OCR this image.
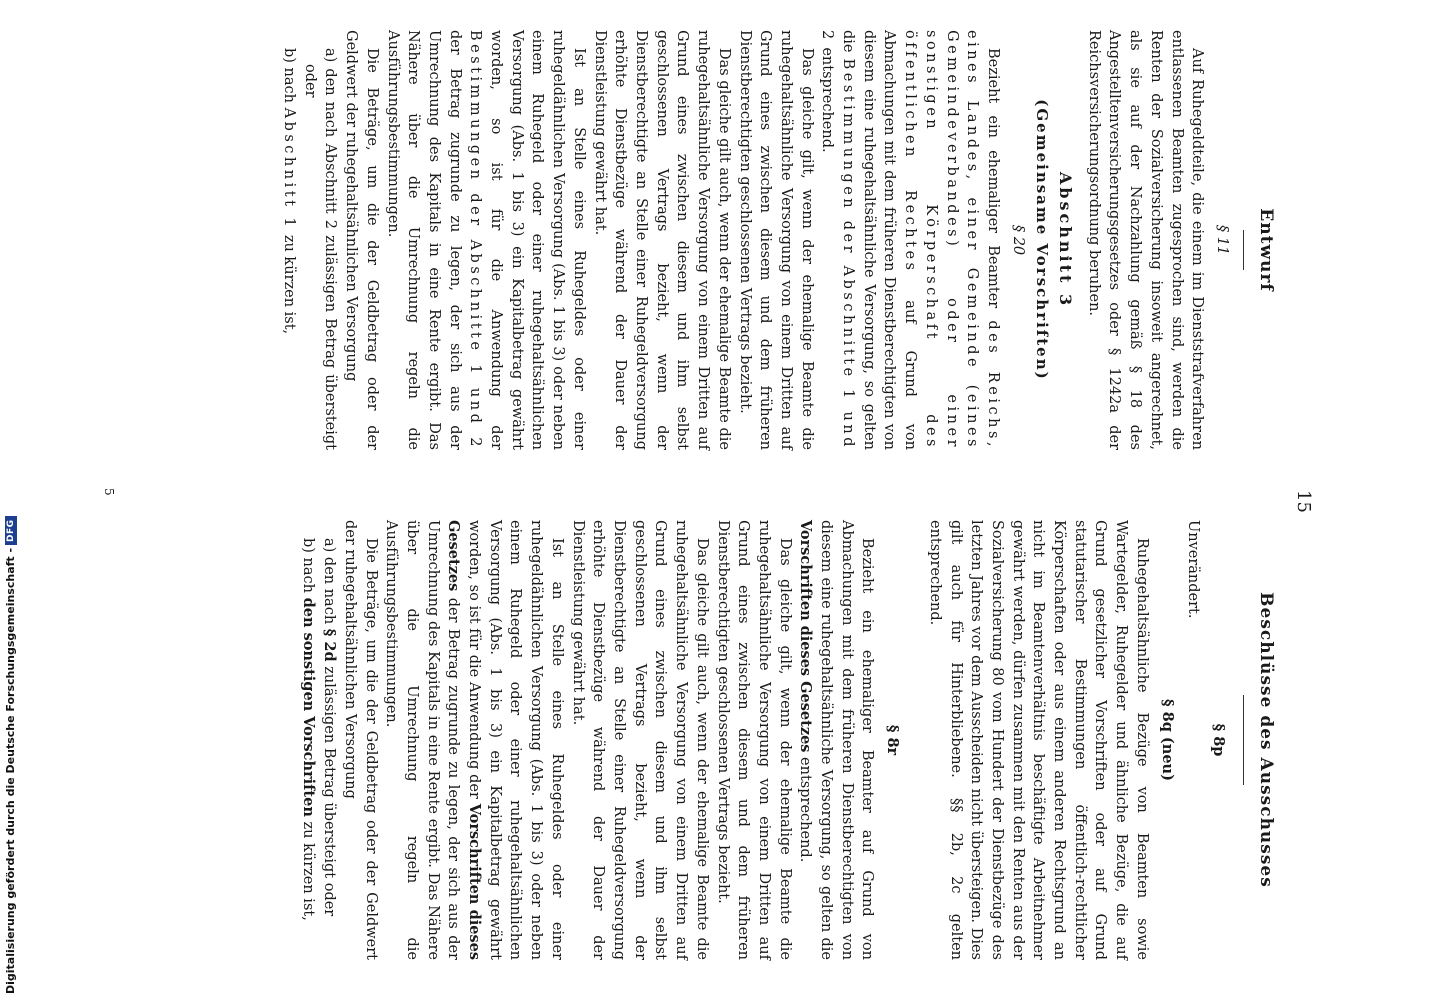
Entwurf
15
Beschlüsse des Ausschusses
§ 11

Auf Ruhegeldteile, die einem im Dienststrafverfahren entlassenen Beamten zugesprochen sind, werden die Renten der Sozialversicherung insoweit angerechnet, als sie auf der Nachzahlung gemäß § 18 des Angestelltenversicherungsgesetzes oder § 1242a der Reichsversicherungsordnung beruhen.

Abschnitt 3
(Gemeinsame Vorschriften)
§ 20

Bezieht ein ehemaliger Beamter des Reichs, eines Landes, einer Gemeinde (eines Gemeindeverbandes) oder einer sonstigen Körperschaft des öffentlichen Rechtes auf Grund von Abmachungen mit dem früheren Dienstberechtigten von diesem eine ruhegehaltsähnliche Versorgung, so gelten die Bestimmungen der Abschnitte 1 und 2 entsprechend.

Das gleiche gilt, wenn der ehemalige Beamte die ruhegehaltsähnliche Versorgung von einem Dritten auf Grund eines zwischen diesem und dem früheren Dienstberechtigten geschlossenen Vertrags bezieht.

Das gleiche gilt auch, wenn der ehemalige Beamte die ruhegehaltsähnliche Versorgung von einem Dritten auf Grund eines zwischen diesem und ihm selbst geschlossenen Vertrags bezieht, wenn der Dienstberechtigte an Stelle einer Ruhegeldversorgung erhöhte Dienstbezüge während der Dauer der Dienstleistung gewährt hat.

Ist an Stelle eines Ruhegeldes oder einer ruhegeldähnlichen Versorgung (Abs. 1 bis 3) oder neben einem Ruhegeld oder einer ruhegehaltsähnlichen Versorgung (Abs. 1 bis 3) ein Kapitalbetrag gewährt worden, so ist für die Anwendung der Bestimmungen der Abschnitte 1 und 2 der Betrag zugrunde zu legen, der sich aus der Umrechnung des Kapitals in eine Rente ergibt. Das Nähere über die Umrechnung regeln die Ausführungsbestimmungen.

Die Beträge, um die der Geldbetrag oder der Geldwert der ruhegehaltsähnlichen Versorgung

a) den nach Abschnitt 2 zulässigen Betrag übersteigt oder
b) nach Abschnitt 1 zu kürzen ist,
§ 8p

Unverändert.

§ 8q (neu)

Ruhegehaltsähnliche Bezüge von Beamten sowie Wartegelder, Ruhegelder und ähnliche Bezüge, die auf Grund gesetzlicher Vorschriften oder auf Grund statutarischer Bestimmungen öffentlich-rechtlicher Körperschaften oder aus einem anderen Rechtsgrund an nicht im Beamtenverhältnis beschäftigte Arbeitnehmer gewährt werden, dürfen zusammen mit den Renten aus der Sozialversicherung 80 vom Hundert der Dienstbezüge des letzten Jahres vor dem Ausscheiden nicht übersteigen. Dies gilt auch für Hinterbliebene. §§ 2b, 2c gelten entsprechend.

§ 8r

Bezieht ein ehemaliger Beamter auf Grund von Abmachungen mit dem früheren Dienstberechtigten von diesem eine ruhegehaltsähnliche Versorgung, so gelten die Vorschriften dieses Gesetzes entsprechend.

Das gleiche gilt, wenn der ehemalige Beamte die ruhegehaltsähnliche Versorgung von einem Dritten auf Grund eines zwischen diesem und dem früheren Dienstberechtigten geschlossenen Vertrags bezieht.

Das gleiche gilt auch, wenn der ehemalige Beamte die ruhegehaltsähnliche Versorgung von einem Dritten auf Grund eines zwischen diesem und ihm selbst geschlossenen Vertrags bezieht, wenn der Dienstberechtigte an Stelle einer Ruhegeldversorgung erhöhte Dienstbezüge während der Dauer der Dienstleistung gewährt hat.

Ist an Stelle eines Ruhegeldes oder einer ruhegeldähnlichen Versorgung (Abs. 1 bis 3) oder neben einem Ruhegeld oder einer ruhegehaltsähnlichen Versorgung (Abs. 1 bis 3) ein Kapitalbetrag gewährt worden, so ist für die Anwendung der Vorschriften dieses Gesetzes der Betrag zugrunde zu legen, der sich aus der Umrechnung des Kapitals in eine Rente ergibt. Das Nähere über die Umrechnung regeln die Ausführungsbestimmungen.

Die Beträge, um die der Geldbetrag oder der Geldwert der ruhegehaltsähnlichen Versorgung

a) den nach § 2d zulässigen Betrag übersteigt oder
b) nach den sonstigen Vorschriften zu kürzen ist,
5
Digitalisierung gefördert durch die Deutsche Forschungsgemeinschaft -
DFG
